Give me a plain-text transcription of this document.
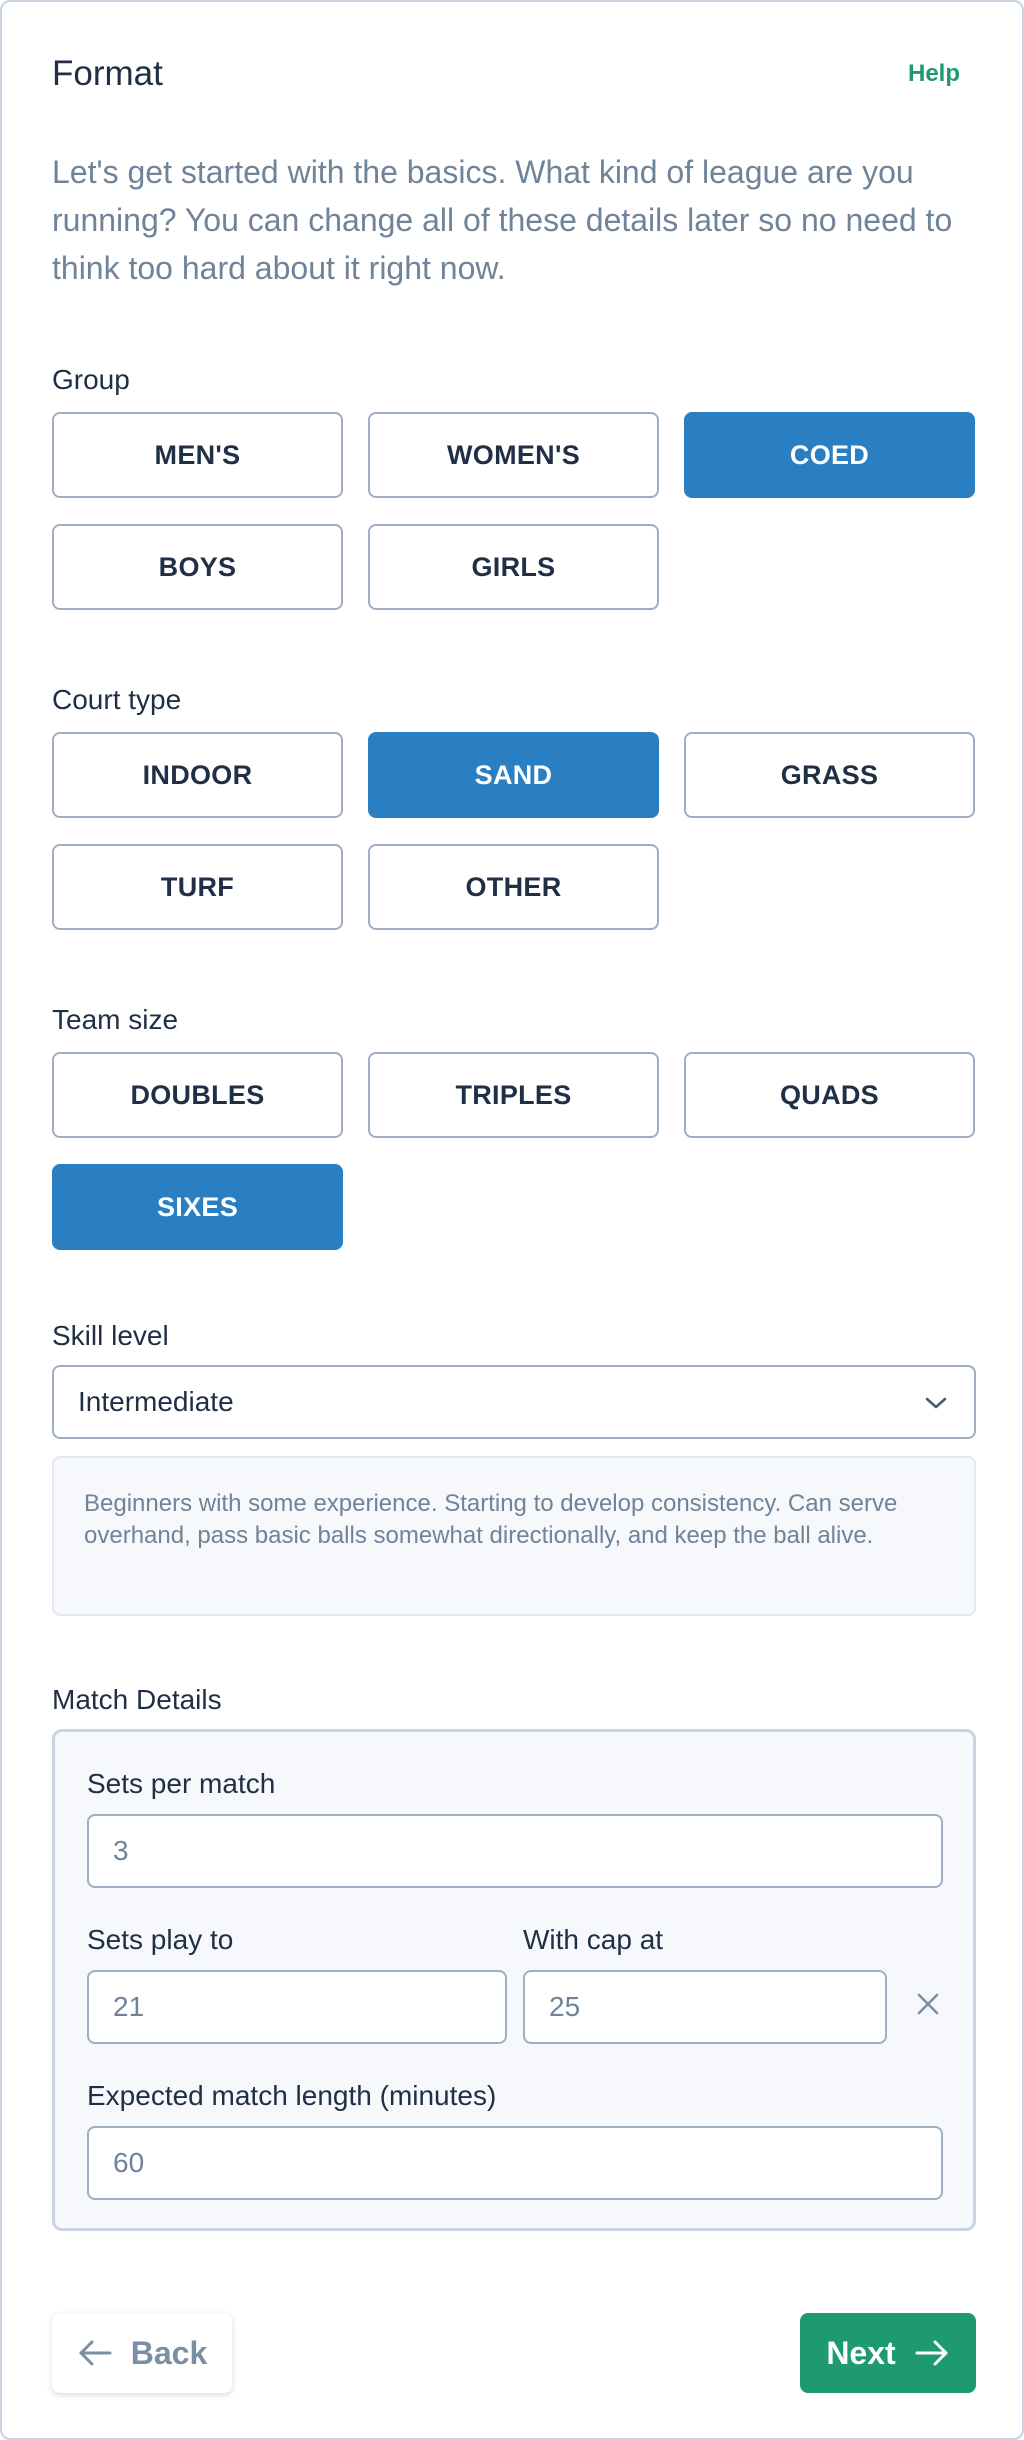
Format	Help

Let's get started with the basics. What kind of league are you running? You can change all of these details later so no need to think too hard about it right now.

Group
MEN'S	WOMEN'S	COED
BOYS	GIRLS
Court type
INDOOR	SAND	GRASS
TURF	OTHER
Team size
DOUBLES	TRIPLES	QUADS
SIXES
Skill level
Intermediate
Beginners with some experience. Starting to develop consistency. Can serve overhand, pass basic balls somewhat directionally, and keep the ball alive.
Match Details
Sets per match
3
Sets play to
21
With cap at
25
Expected match length (minutes)
60
Back	Next
